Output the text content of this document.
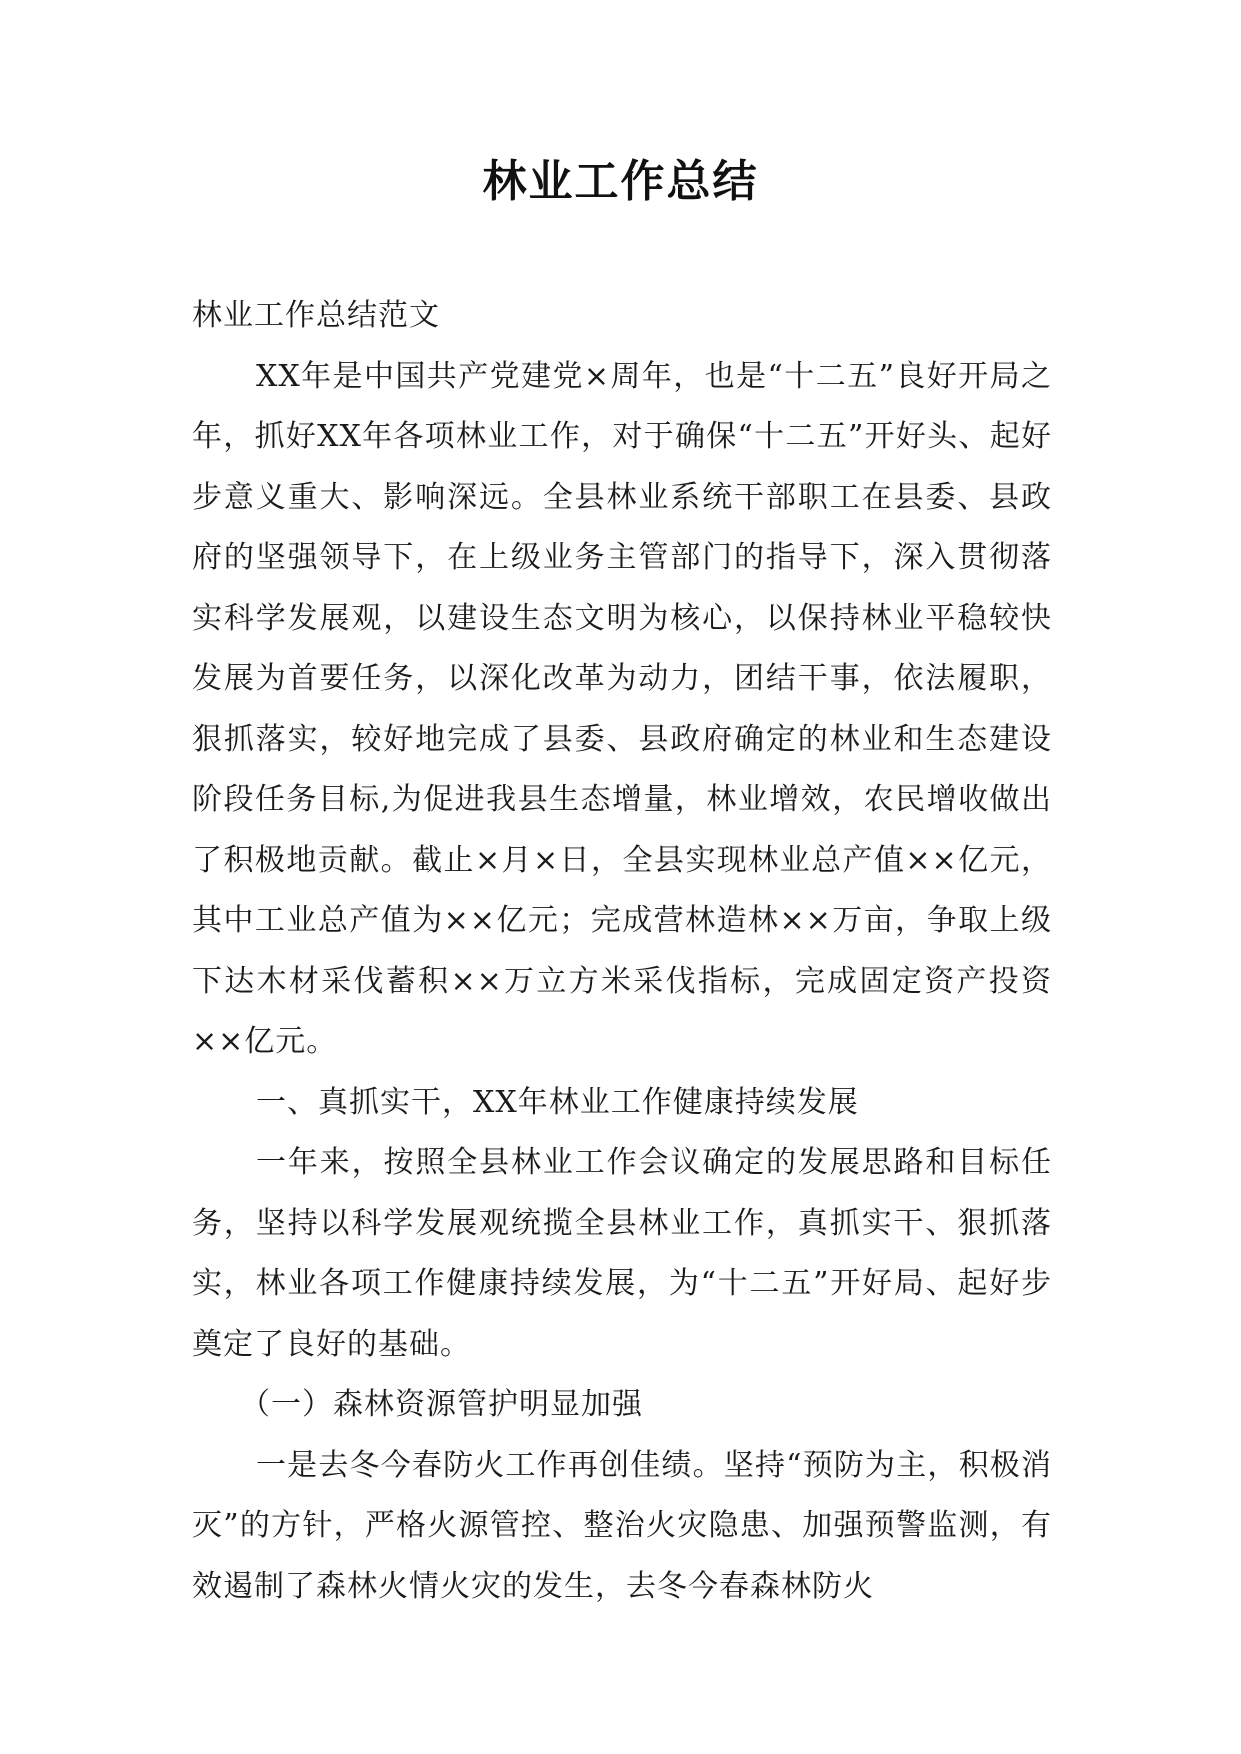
林业工作总结

林业工作总结范文

XX年是中国共产党建党×周年，也是“十二五”良好开局之年，抓好XX年各项林业工作，对于确保“十二五”开好头、起好步意义重大、影响深远。全县林业系统干部职工在县委、县政府的坚强领导下，在上级业务主管部门的指导下，深入贯彻落实科学发展观，以建设生态文明为核心，以保持林业平稳较快发展为首要任务，以深化改革为动力，团结干事，依法履职，狠抓落实，较好地完成了县委、县政府确定的林业和生态建设阶段任务目标,为促进我县生态增量，林业增效，农民增收做出了积极地贡献。截止×月×日，全县实现林业总产值××亿元，其中工业总产值为××亿元；完成营林造林××万亩，争取上级下达木材采伐蓄积××万立方米采伐指标，完成固定资产投资××亿元。

一、真抓实干，XX年林业工作健康持续发展

一年来，按照全县林业工作会议确定的发展思路和目标任务，坚持以科学发展观统揽全县林业工作，真抓实干、狠抓落实，林业各项工作健康持续发展，为“十二五”开好局、起好步奠定了良好的基础。

（一）森林资源管护明显加强

一是去冬今春防火工作再创佳绩。坚持“预防为主，积极消灭”的方针，严格火源管控、整治火灾隐患、加强预警监测，有效遏制了森林火情火灾的发生，去冬今春森林防火
